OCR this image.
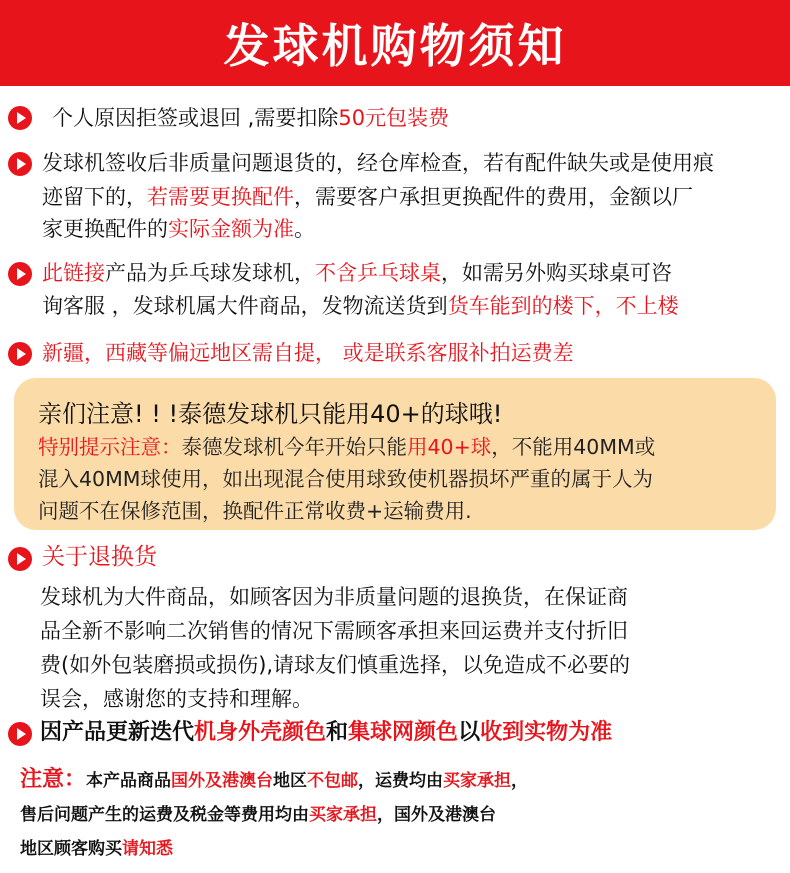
发球机购物须知
个人原因拒签或退回 ,需要扣除50元包装费
发球机签收后非质量问题退货的，经仓库检查，若有配件缺失或是使用痕
迹留下的，若需要更换配件，需要客户承担更换配件的费用，金额以厂
家更换配件的实际金额为准。
此链接产品为乒乓球发球机，不含乒乓球桌，如需另外购买球桌可咨
询客服 ，发球机属大件商品，发物流送货到货车能到的楼下，不上楼
新疆，西藏等偏远地区需自提， 或是联系客服补拍运费差
亲们注意! ! !泰德发球机只能用40+的球哦!
特别提示注意：泰德发球机今年开始只能用40+球，不能用40MM或
混入40MM球使用，如出现混合使用球致使机器损坏严重的属于人为
问题不在保修范围，换配件正常收费+运输费用.
关于退换货
发球机为大件商品，如顾客因为非质量问题的退换货，在保证商
品全新不影响二次销售的情况下需顾客承担来回运费并支付折旧
费(如外包装磨损或损伤),请球友们慎重选择，以免造成不必要的
误会，感谢您的支持和理解。
因产品更新迭代机身外壳颜色和集球网颜色以收到实物为准
注意：本产品商品国外及港澳台地区不包邮，运费均由买家承担，
售后问题产生的运费及税金等费用均由买家承担，国外及港澳台
地区顾客购买请知悉
